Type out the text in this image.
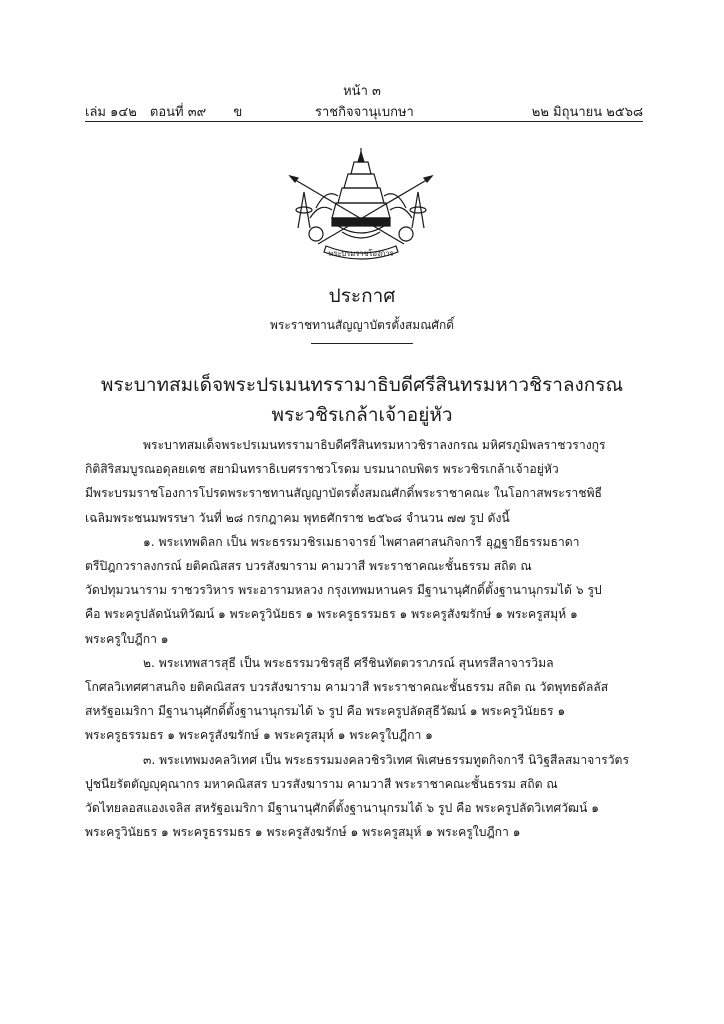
หน้า ๓
เล่ม ๑๔๒ ตอนที่ ๓๙ ข	ราชกิจจานุเบกษา	๒๒ มิถุนายน ๒๕๖๘
พระบรมราชโองการ
ประกาศ
พระราชทานสัญญาบัตรตั้งสมณศักดิ์
พระบาทสมเด็จพระปรเมนทรรามาธิบดีศรีสินทรมหาวชิราลงกรณ
พระวชิรเกล้าเจ้าอยู่หัว
พระบาทสมเด็จพระปรเมนทรรามาธิบดีศรีสินทรมหาวชิราลงกรณ มหิศรภูมิพลราชวรางกูร
กิติสิริสมบูรณอดุลยเดช สยามินทราธิเบศรราชวโรดม บรมนาถบพิตร พระวชิรเกล้าเจ้าอยู่หัว
มีพระบรมราชโองการโปรดพระราชทานสัญญาบัตรตั้งสมณศักดิ์พระราชาคณะ ในโอกาสพระราชพิธี
เฉลิมพระชนมพรรษา วันที่ ๒๘ กรกฎาคม พุทธศักราช ๒๕๖๘ จำนวน ๗๗ รูป ดังนี้
๑. พระเทพดิลก เป็น พระธรรมวชิรเมธาจารย์ ไพศาลศาสนกิจการี อุฏฐายีธรรมธาดา
ตรีปิฎกวราลงกรณ์ ยติคณิสสร บวรสังฆาราม คามวาสี พระราชาคณะชั้นธรรม สถิต ณ
วัดปทุมวนาราม ราชวรวิหาร พระอารามหลวง กรุงเทพมหานคร มีฐานานุศักดิ์ตั้งฐานานุกรมได้ ๖ รูป
คือ พระครูปลัดนันทิวัฒน์ ๑ พระครูวินัยธร ๑ พระครูธรรมธร ๑ พระครูสังฆรักษ์ ๑ พระครูสมุห์ ๑
พระครูใบฎีกา ๑
๒. พระเทพสารสุธี เป็น พระธรรมวชิรสุธี ศรีชินทัตตวราภรณ์ สุนทรสีลาจารวิมล
โกศลวิเทศศาสนกิจ ยติคณิสสร บวรสังฆาราม คามวาสี พระราชาคณะชั้นธรรม สถิต ณ วัดพุทธดัลลัส
สหรัฐอเมริกา มีฐานานุศักดิ์ตั้งฐานานุกรมได้ ๖ รูป คือ พระครูปลัดสุธีวัฒน์ ๑ พระครูวินัยธร ๑
พระครูธรรมธร ๑ พระครูสังฆรักษ์ ๑ พระครูสมุห์ ๑ พระครูใบฎีกา ๑
๓. พระเทพมงคลวิเทศ เป็น พระธรรมมงคลวชิรวิเทศ พิเศษธรรมทูตกิจการี นิวิฐสีลสมาจารวัตร
ปูชนียรัตตัญญุคุณากร มหาคณิสสร บวรสังฆาราม คามวาสี พระราชาคณะชั้นธรรม สถิต ณ
วัดไทยลอสแองเจลิส สหรัฐอเมริกา มีฐานานุศักดิ์ตั้งฐานานุกรมได้ ๖ รูป คือ พระครูปลัดวิเทศวัฒน์ ๑
พระครูวินัยธร ๑ พระครูธรรมธร ๑ พระครูสังฆรักษ์ ๑ พระครูสมุห์ ๑ พระครูใบฎีกา ๑
